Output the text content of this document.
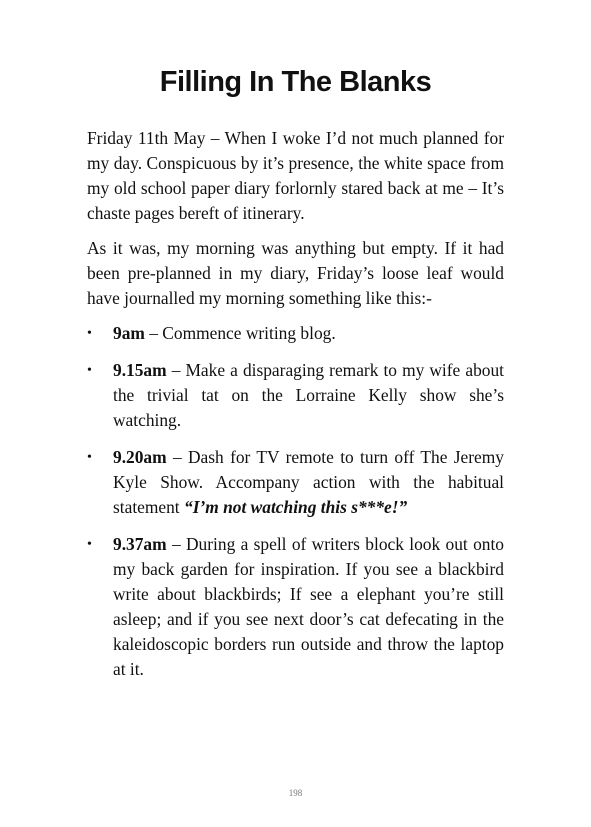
Filling In The Blanks

Friday 11th May – When I woke I’d not much planned for my day. Conspicuous by it’s presence, the white space from my old school paper diary forlornly stared back at me – It’s chaste pages bereft of itinerary.

As it was, my morning was anything but empty. If it had been pre-planned in my diary, Friday’s loose leaf would have journalled my morning something like this:-

• 9am – Commence writing blog.
• 9.15am – Make a disparaging remark to my wife about the trivial tat on the Lorraine Kelly show she’s watching.
• 9.20am – Dash for TV remote to turn off The Jeremy Kyle Show. Accompany action with the habitual statement “I’m not watching this s***e!”
• 9.37am – During a spell of writers block look out onto my back garden for inspiration. If you see a blackbird write about blackbirds; If see a elephant you’re still asleep; and if you see next door’s cat defecating in the kaleidoscopic borders run outside and throw the laptop at it.
198
